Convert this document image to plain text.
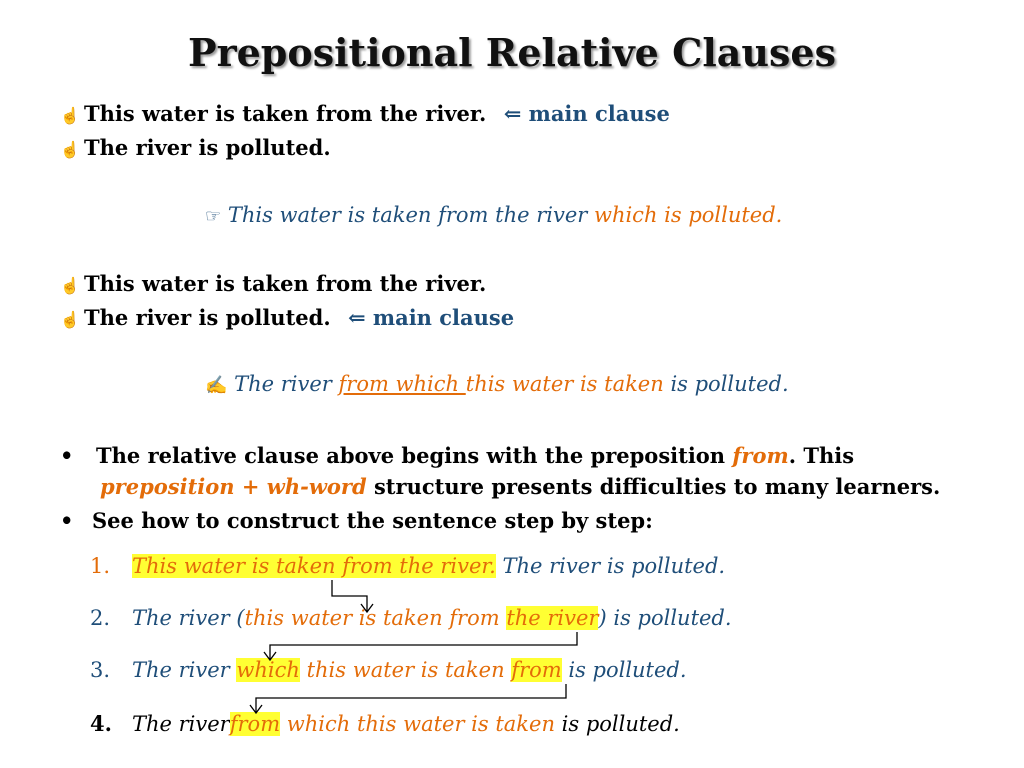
Prepositional Relative Clauses
☝ This water is taken from the river. ⇐ main clause
☝ The river is polluted.
☞ This water is taken from the river which is polluted.
☝ This water is taken from the river.
☝ The river is polluted. ⇐ main clause
✍ The river from which this water is taken is polluted.
• The relative clause above begins with the preposition from. This
preposition + wh-word structure presents difficulties to many learners.
• See how to construct the sentence step by step:
1. This water is taken from the river. The river is polluted.
2. The river (this water is taken from the river) is polluted.
3. The river which this water is taken from is polluted.
4. The riverfrom which this water is taken is polluted.
